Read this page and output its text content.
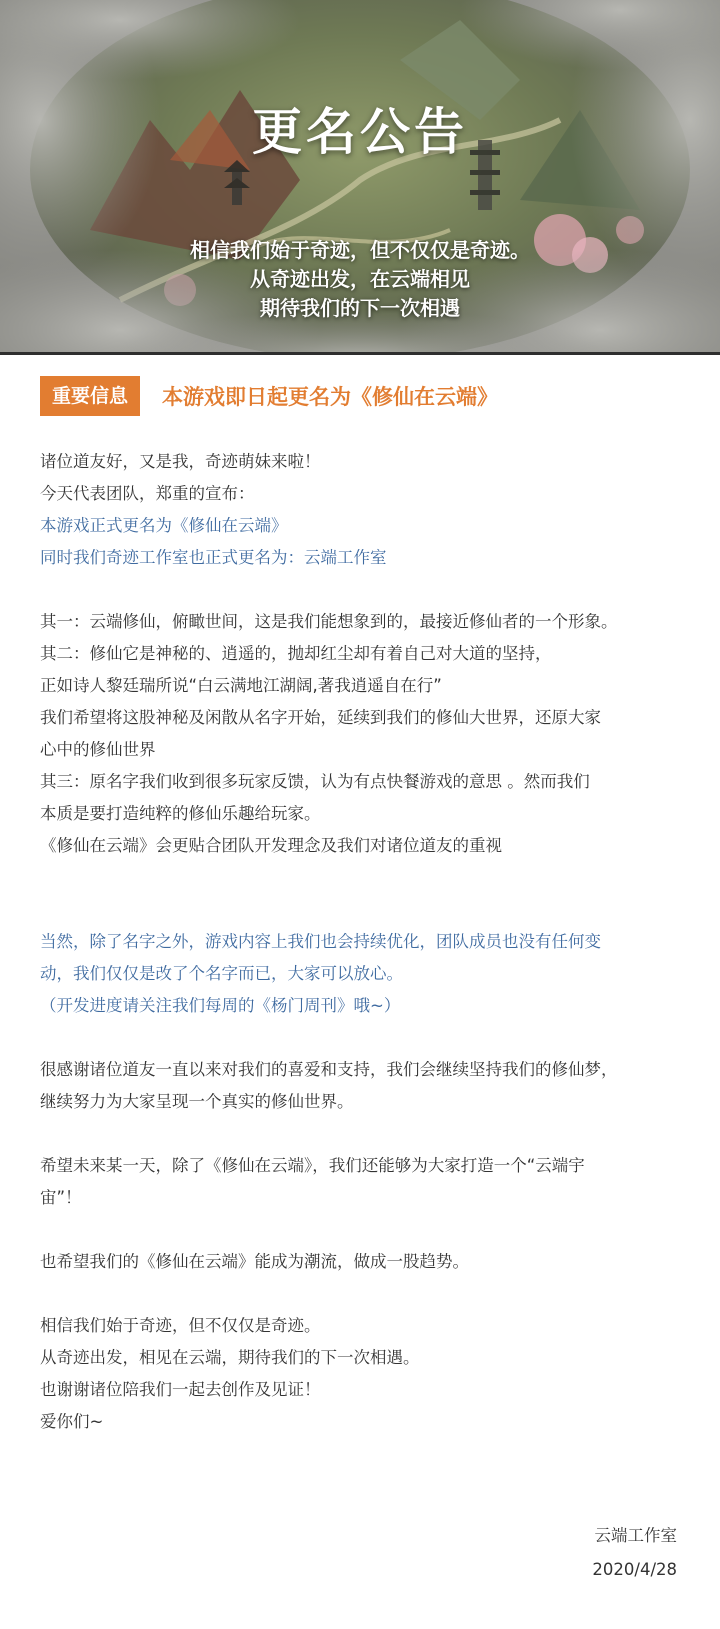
更名公告
相信我们始于奇迹，但不仅仅是奇迹。
从奇迹出发，在云端相见
期待我们的下一次相遇
重要信息	本游戏即日起更名为《修仙在云端》
诸位道友好，又是我，奇迹萌妹来啦！
今天代表团队，郑重的宣布：
本游戏正式更名为《修仙在云端》
同时我们奇迹工作室也正式更名为：云端工作室
其一：云端修仙，俯瞰世间，这是我们能想象到的，最接近修仙者的一个形象。
其二：修仙它是神秘的、逍遥的，抛却红尘却有着自己对大道的坚持，
正如诗人黎廷瑞所说“白云满地江湖阔,著我逍遥自在行”
我们希望将这股神秘及闲散从名字开始，延续到我们的修仙大世界，还原大家
心中的修仙世界
其三：原名字我们收到很多玩家反馈，认为有点快餐游戏的意思 。然而我们
本质是要打造纯粹的修仙乐趣给玩家。
《修仙在云端》会更贴合团队开发理念及我们对诸位道友的重视
当然，除了名字之外，游戏内容上我们也会持续优化，团队成员也没有任何变
动，我们仅仅是改了个名字而已，大家可以放心。
（开发进度请关注我们每周的《杨门周刊》哦~）
很感谢诸位道友一直以来对我们的喜爱和支持，我们会继续坚持我们的修仙梦，
继续努力为大家呈现一个真实的修仙世界。
希望未来某一天，除了《修仙在云端》，我们还能够为大家打造一个“云端宇
宙”！
也希望我们的《修仙在云端》能成为潮流，做成一股趋势。
相信我们始于奇迹，但不仅仅是奇迹。
从奇迹出发，相见在云端，期待我们的下一次相遇。
也谢谢诸位陪我们一起去创作及见证！
爱你们~
云端工作室
2020/4/28
